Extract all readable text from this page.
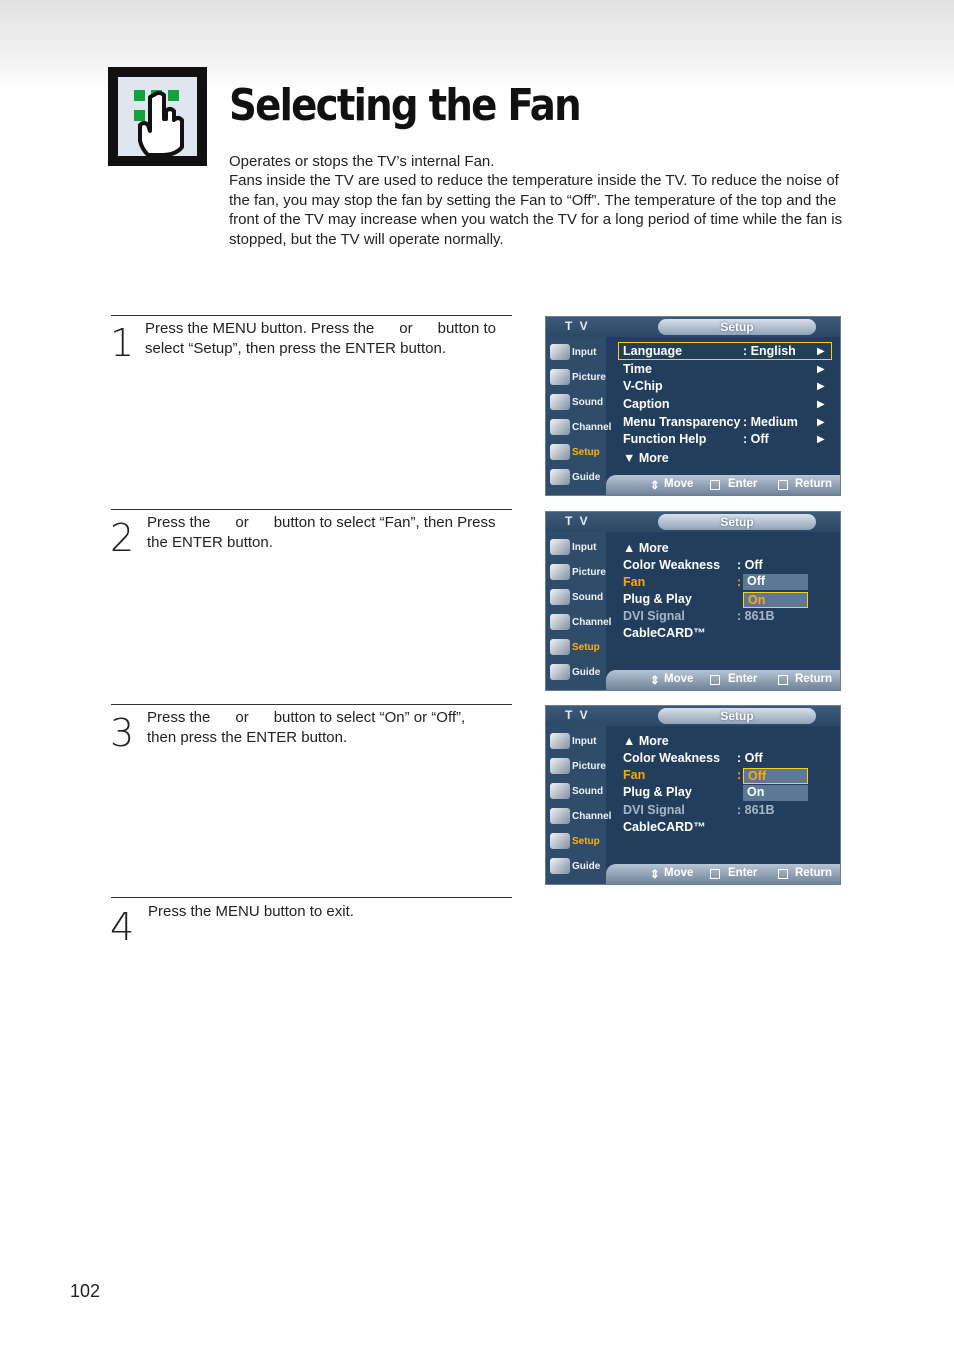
Selecting the Fan

Operates or stops the TV’s internal Fan.

Fans inside the TV are used to reduce the temperature inside the TV. To reduce the noise of the fan, you may stop the fan by setting the Fan to “Off”. The temperature of the top and the front of the TV may increase when you watch the TV for a long period of time while the fan is stopped, but the TV will operate normally.

1 Press the MENU button. Press the      or      button to
select “Setup”, then press the ENTER button.
2 Press the      or      button to select “Fan”, then Press
the ENTER button.
3 Press the      or      button to select “On” or “Off”,
then press the ENTER button.
4 Press the MENU button to exit.
T V	Setup
Input
Picture
Sound
Channel
Setup
Guide
Language	: English ▶
Time	▶
V-Chip	▶
Caption	▶
Menu Transparency : Medium ▶
Function Help	: Off	▶
▼ More
⇕ Move	Enter	Return
T V	Setup
Input
Picture
Sound
Channel
Setup
Guide
▲ More
Color Weakness : Off
Fan	: Off
On
Plug & Play
DVI Signal	: 861B
CableCARD™
⇕ Move	Enter	Return
T V	Setup
Input
Picture
Sound
Channel
Setup
Guide
▲ More
Color Weakness : Off
Fan	: Off
On
Plug & Play
DVI Signal	: 861B
CableCARD™
⇕ Move	Enter	Return
102
